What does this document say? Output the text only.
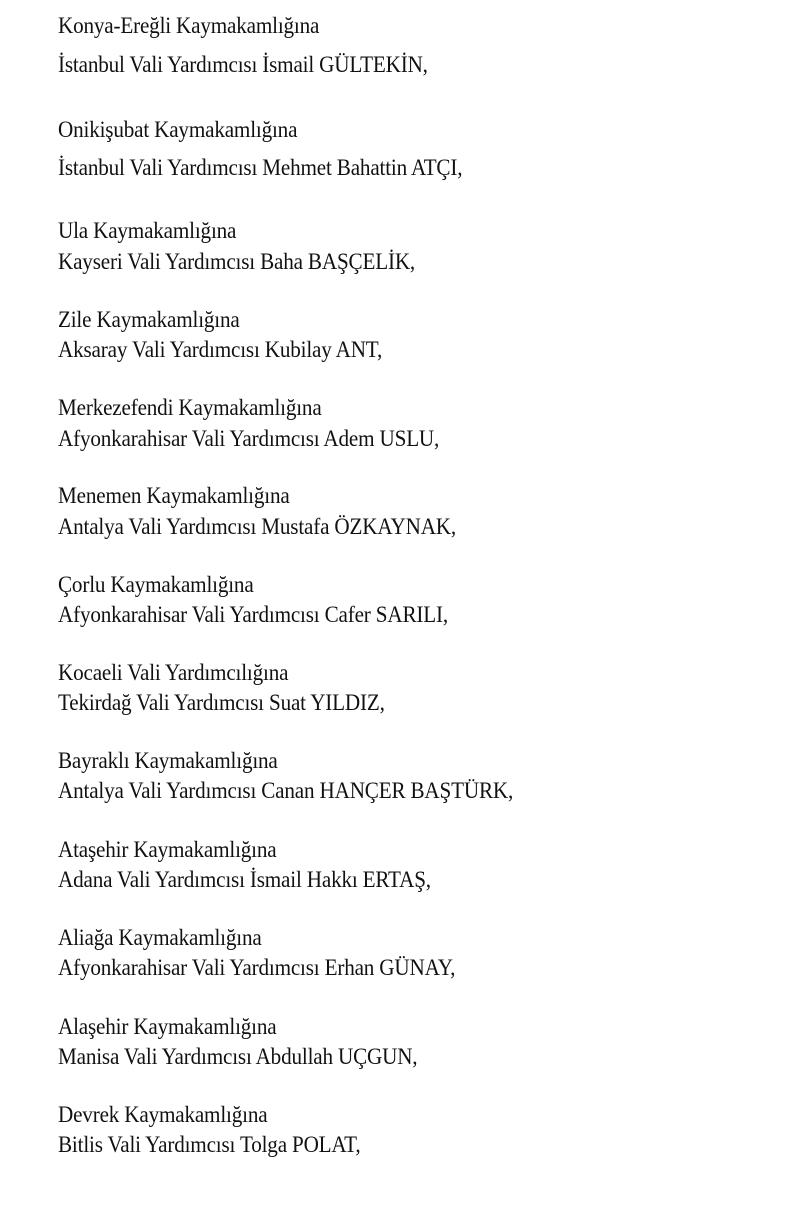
Konya-Ereğli Kaymakamlığına
İstanbul Vali Yardımcısı İsmail GÜLTEKİN,
Onikişubat Kaymakamlığına
İstanbul Vali Yardımcısı Mehmet Bahattin ATÇI,
Ula Kaymakamlığına
Kayseri Vali Yardımcısı Baha BAŞÇELİK,
Zile Kaymakamlığına
Aksaray Vali Yardımcısı Kubilay ANT,
Merkezefendi Kaymakamlığına
Afyonkarahisar Vali Yardımcısı Adem USLU,
Menemen Kaymakamlığına
Antalya Vali Yardımcısı Mustafa ÖZKAYNAK,
Çorlu Kaymakamlığına
Afyonkarahisar Vali Yardımcısı Cafer SARILI,
Kocaeli Vali Yardımcılığına
Tekirdağ Vali Yardımcısı Suat YILDIZ,
Bayraklı Kaymakamlığına
Antalya Vali Yardımcısı Canan HANÇER BAŞTÜRK,
Ataşehir Kaymakamlığına
Adana Vali Yardımcısı İsmail Hakkı ERTAŞ,
Aliağa Kaymakamlığına
Afyonkarahisar Vali Yardımcısı Erhan GÜNAY,
Alaşehir Kaymakamlığına
Manisa Vali Yardımcısı Abdullah UÇGUN,
Devrek Kaymakamlığına
Bitlis Vali Yardımcısı Tolga POLAT,
